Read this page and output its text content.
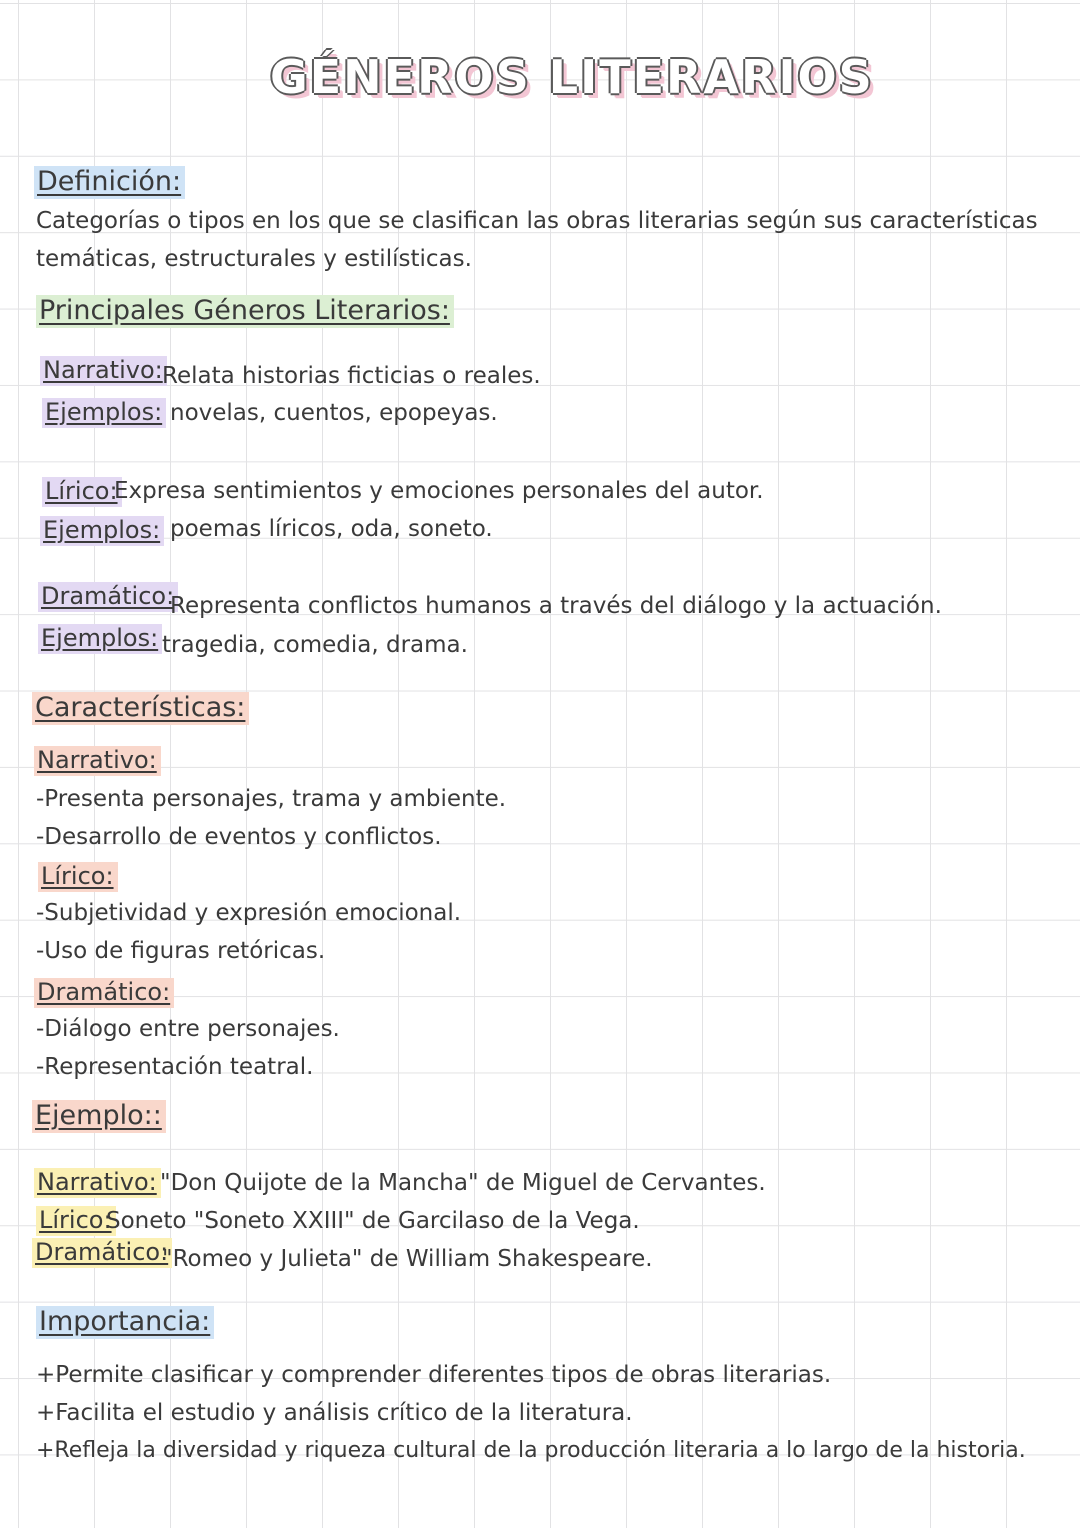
GÉNEROS LITERARIOS
Definición:
Categorías o tipos en los que se clasifican las obras literarias según sus características
temáticas, estructurales y estilísticas.
Principales Géneros Literarios:
Narrativo: Relata historias ficticias o reales.
Ejemplos: novelas, cuentos, epopeyas.
Lírico:
Expresa sentimientos y emociones personales del autor.
Ejemplos: poemas líricos, oda, soneto.
Dramático:
Representa conflictos humanos a través del diálogo y la actuación.
Ejemplos: tragedia, comedia, drama.
Características:
Narrativo:
-Presenta personajes, trama y ambiente.
-Desarrollo de eventos y conflictos.
Lírico:
-Subjetividad y expresión emocional.
-Uso de figuras retóricas.
Dramático:
-Diálogo entre personajes.
-Representación teatral.
Ejemplo::
Narrativo: "Don Quijote de la Mancha" de Miguel de Cervantes.
Lírico:
Soneto "Soneto XXIII" de Garcilaso de la Vega.
Dramático:
"Romeo y Julieta" de William Shakespeare.
Importancia:
+Permite clasificar y comprender diferentes tipos de obras literarias.
+Facilita el estudio y análisis crítico de la literatura.
+Refleja la diversidad y riqueza cultural de la producción literaria a lo largo de la historia.
